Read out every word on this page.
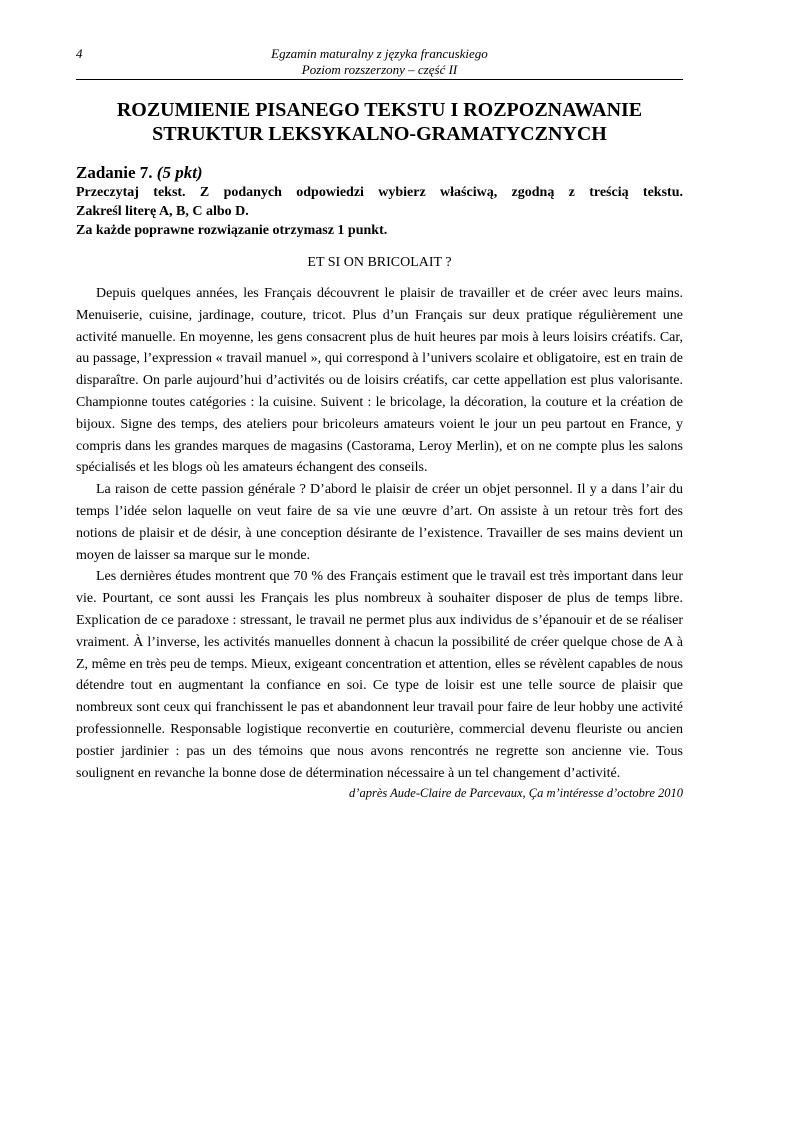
4	Egzamin maturalny z języka francuskiego
Poziom rozszerzony – część II
ROZUMIENIE PISANEGO TEKSTU I ROZPOZNAWANIE
STRUKTUR LEKSYKALNO-GRAMATYCZNYCH
Zadanie 7. (5 pkt)
Przeczytaj tekst. Z podanych odpowiedzi wybierz właściwą, zgodną z treścią tekstu.
Zakreśl literę A, B, C albo D.
Za każde poprawne rozwiązanie otrzymasz 1 punkt.
ET SI ON BRICOLAIT ?

Depuis quelques années, les Français découvrent le plaisir de travailler et de créer avec leurs mains. Menuiserie, cuisine, jardinage, couture, tricot. Plus d’un Français sur deux pratique régulièrement une activité manuelle. En moyenne, les gens consacrent plus de huit heures par mois à leurs loisirs créatifs. Car, au passage, l’expression « travail manuel », qui correspond à l’univers scolaire et obligatoire, est en train de disparaître. On parle aujourd’hui d’activités ou de loisirs créatifs, car cette appellation est plus valorisante. Championne toutes catégories : la cuisine. Suivent : le bricolage, la décoration, la couture et la création de bijoux. Signe des temps, des ateliers pour bricoleurs amateurs voient le jour un peu partout en France, y compris dans les grandes marques de magasins (Castorama, Leroy Merlin), et on ne compte plus les salons spécialisés et les blogs où les amateurs échangent des conseils.

La raison de cette passion générale ? D’abord le plaisir de créer un objet personnel. Il y a dans l’air du temps l’idée selon laquelle on veut faire de sa vie une œuvre d’art. On assiste à un retour très fort des notions de plaisir et de désir, à une conception désirante de l’existence. Travailler de ses mains devient un moyen de laisser sa marque sur le monde.

Les dernières études montrent que 70 % des Français estiment que le travail est très important dans leur vie. Pourtant, ce sont aussi les Français les plus nombreux à souhaiter disposer de plus de temps libre. Explication de ce paradoxe : stressant, le travail ne permet plus aux individus de s’épanouir et de se réaliser vraiment. À l’inverse, les activités manuelles donnent à chacun la possibilité de créer quelque chose de A à Z, même en très peu de temps. Mieux, exigeant concentration et attention, elles se révèlent capables de nous détendre tout en augmentant la confiance en soi. Ce type de loisir est une telle source de plaisir que nombreux sont ceux qui franchissent le pas et abandonnent leur travail pour faire de leur hobby une activité professionnelle. Responsable logistique reconvertie en couturière, commercial devenu fleuriste ou ancien postier jardinier : pas un des témoins que nous avons rencontrés ne regrette son ancienne vie. Tous soulignent en revanche la bonne dose de détermination nécessaire à un tel changement d’activité.

d’après Aude-Claire de Parcevaux, Ça m’intéresse d’octobre 2010
